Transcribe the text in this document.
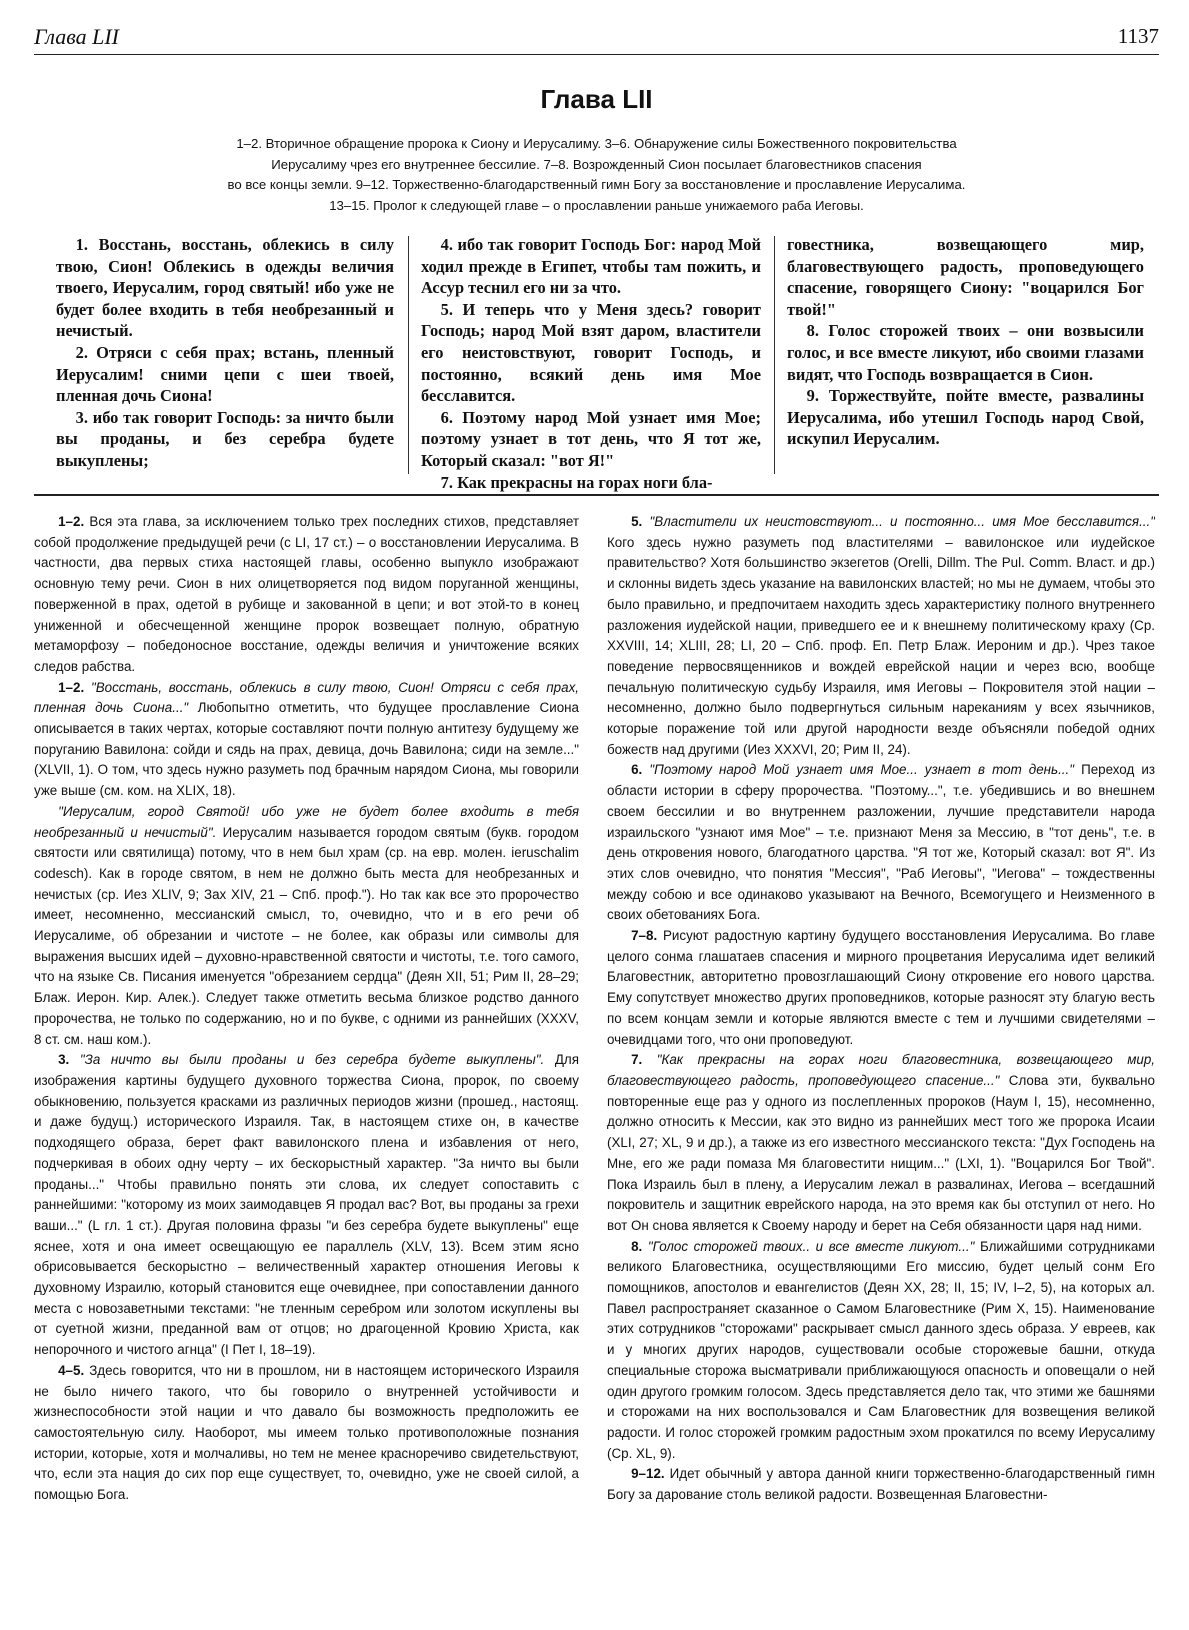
Глава LII	1137
Глава LII
1–2. Вторичное обращение пророка к Сиону и Иерусалиму. 3–6. Обнаружение силы Божественного покровительства
Иерусалиму чрез его внутреннее бессилие. 7–8. Возрожденный Сион посылает благовестников спасения
во все концы земли. 9–12. Торжественно-благодарственный гимн Богу за восстановление и прославление Иерусалима.
13–15. Пролог к следующей главе – о прославлении раньше унижаемого раба Иеговы.

1. Восстань, восстань, облекись в силу твою, Сион! Облекись в одежды величия твоего, Иерусалим, город святый! ибо уже не будет более входить в тебя необрезанный и нечистый.

2. Отряси с себя прах; встань, пленный Иерусалим! сними цепи с шеи твоей, пленная дочь Сиона!

3. ибо так говорит Господь: за ничто были вы проданы, и без серебра будете выкуплены;

4. ибо так говорит Господь Бог: народ Мой ходил прежде в Египет, чтобы там пожить, и Ассур теснил его ни за что.

5. И теперь что у Меня здесь? говорит Господь; народ Мой взят даром, властители его неистовствуют, говорит Господь, и постоянно, всякий день имя Мое бесславится.

6. Поэтому народ Мой узнает имя Мое; поэтому узнает в тот день, что Я тот же, Который сказал: "вот Я!"

7. Как прекрасны на горах ноги бла-

говестника, возвещающего мир, благовествующего радость, проповедующего спасение, говорящего Сиону: "воцарился Бог твой!"

8. Голос сторожей твоих – они возвысили голос, и все вместе ликуют, ибо своими глазами видят, что Господь возвращается в Сион.

9. Торжествуйте, пойте вместе, развалины Иерусалима, ибо утешил Господь народ Свой, искупил Иерусалим.

1–2. Вся эта глава, за исключением только трех последних стихов, представляет собой продолжение предыдущей речи (с LI, 17 ст.) – о восстановлении Иерусалима. В частности, два первых стиха настоящей главы, особенно выпукло изображают основную тему речи. Сион в них олицетворяется под видом поруганной женщины, поверженной в прах, одетой в рубище и закованной в цепи; и вот этой-то в конец униженной и обесчещенной женщине пророк возвещает полную, обратную метаморфозу – победоносное восстание, одежды величия и уничтожение всяких следов рабства.

1–2. "Восстань, восстань, облекись в силу твою, Сион! Отряси с себя прах, пленная дочь Сиона..." Любопытно отметить, что будущее прославление Сиона описывается в таких чертах, которые составляют почти полную антитезу будущему же поруганию Вавилона: сойди и сядь на прах, девица, дочь Вавилона; сиди на земле..." (XLVII, 1). О том, что здесь нужно разуметь под брачным нарядом Сиона, мы говорили уже выше (см. ком. на XLIX, 18).

"Иерусалим, город Святой! ибо уже не будет более входить в тебя необрезанный и нечистый". Иерусалим называется городом святым (букв. городом святости или святилища) потому, что в нем был храм (ср. на евр. молен. ieruschalim codesch). Как в городе святом, в нем не должно быть места для необрезанных и нечистых (ср. Иез XLIV, 9; Зах XIV, 21 – Спб. проф."). Но так как все это пророчество имеет, несомненно, мессианский смысл, то, очевидно, что и в его речи об Иерусалиме, об обрезании и чистоте – не более, как образы или символы для выражения высших идей – духовно-нравственной святости и чистоты, т.е. того самого, что на языке Св. Писания именуется "обрезанием сердца" (Деян XII, 51; Рим II, 28–29; Блаж. Иерон. Кир. Алек.). Следует также отметить весьма близкое родство данного пророчества, не только по содержанию, но и по букве, с одними из раннейших (XXXV, 8 ст. см. наш ком.).

3. "За ничто вы были проданы и без серебра будете выкуплены". Для изображения картины будущего духовного торжества Сиона, пророк, по своему обыкновению, пользуется красками из различных периодов жизни (прошед., настоящ. и даже будущ.) исторического Израиля. Так, в настоящем стихе он, в качестве подходящего образа, берет факт вавилонского плена и избавления от него, подчеркивая в обоих одну черту – их бескорыстный характер. "За ничто вы были проданы..." Чтобы правильно понять эти слова, их следует сопоставить с раннейшими: "которому из моих заимодавцев Я продал вас? Вот, вы проданы за грехи ваши..." (L гл. 1 ст.). Другая половина фразы "и без серебра будете выкуплены" еще яснее, хотя и она имеет освещающую ее параллель (XLV, 13). Всем этим ясно обрисовывается бескорыстно – величественный характер отношения Иеговы к духовному Израилю, который становится еще очевиднее, при сопоставлении данного места с новозаветными текстами: "не тленным серебром или золотом искуплены вы от суетной жизни, преданной вам от отцов; но драгоценной Кровию Христа, как непорочного и чистого агнца" (I Пет I, 18–19).

4–5. Здесь говорится, что ни в прошлом, ни в настоящем исторического Израиля не было ничего такого, что бы говорило о внутренней устойчивости и жизнеспособности этой нации и что давало бы возможность предположить ее самостоятельную силу. Наоборот, мы имеем только противоположные познания истории, которые, хотя и молчаливы, но тем не менее красноречиво свидетельствуют, что, если эта нация до сих пор еще существует, то, очевидно, уже не своей силой, а помощью Бога.

5. "Властители их неистовствуют... и постоянно... имя Мое бесславится..." Кого здесь нужно разуметь под властителями – вавилонское или иудейское правительство? Хотя большинство экзегетов (Orelli, Dillm. The Pul. Comm. Власт. и др.) и склонны видеть здесь указание на вавилонских властей; но мы не думаем, чтобы это было правильно, и предпочитаем находить здесь характеристику полного внутреннего разложения иудейской нации, приведшего ее и к внешнему политическому краху (Ср. XXVIII, 14; XLIII, 28; LI, 20 – Спб. проф. Еп. Петр Блаж. Иероним и др.). Чрез такое поведение первосвященников и вождей еврейской нации и через всю, вообще печальную политическую судьбу Израиля, имя Иеговы – Покровителя этой нации – несомненно, должно было подвергнуться сильным нареканиям у всех язычников, которые поражение той или другой народности везде объясняли победой одних божеств над другими (Иез XXXVI, 20; Рим II, 24).

6. "Поэтому народ Мой узнает имя Мое... узнает в тот день..." Переход из области истории в сферу пророчества. "Поэтому...", т.е. убедившись и во внешнем своем бессилии и во внутреннем разложении, лучшие представители народа израильского "узнают имя Мое" – т.е. признают Меня за Мессию, в "тот день", т.е. в день откровения нового, благодатного царства. "Я тот же, Который сказал: вот Я". Из этих слов очевидно, что понятия "Мессия", "Раб Иеговы", "Иегова" – тождественны между собою и все одинаково указывают на Вечного, Всемогущего и Неизменного в своих обетованиях Бога.

7–8. Рисуют радостную картину будущего восстановления Иерусалима. Во главе целого сонма глашатаев спасения и мирного процветания Иерусалима идет великий Благовестник, авторитетно провозглашающий Сиону откровение его нового царства. Ему сопутствует множество других проповедников, которые разносят эту благую весть по всем концам земли и которые являются вместе с тем и лучшими свидетелями – очевидцами того, что они проповедуют.

7. "Как прекрасны на горах ноги благовестника, возвещающего мир, благовествующего радость, проповедующего спасение..." Слова эти, буквально повторенные еще раз у одного из послепленных пророков (Наум I, 15), несомненно, должно относить к Мессии, как это видно из раннейших мест того же пророка Исаии (XLI, 27; XL, 9 и др.), а также из его известного мессианского текста: "Дух Господень на Мне, его же ради помаза Мя благовестити нищим..." (LXI, 1). "Воцарился Бог Твой". Пока Израиль был в плену, а Иерусалим лежал в развалинах, Иегова – всегдашний покровитель и защитник еврейского народа, на это время как бы отступил от него. Но вот Он снова является к Своему народу и берет на Себя обязанности царя над ними.

8. "Голос сторожей твоих.. и все вместе ликуют..." Ближайшими сотрудниками великого Благовестника, осуществляющими Его миссию, будет целый сонм Его помощников, апостолов и евангелистов (Деян XX, 28; II, 15; IV, I–2, 5), на которых ал. Павел распространяет сказанное о Самом Благовестнике (Рим X, 15). Наименование этих сотрудников "сторожами" раскрывает смысл данного здесь образа. У евреев, как и у многих других народов, существовали особые сторожевые башни, откуда специальные сторожа высматривали приближающуюся опасность и оповещали о ней один другого громким голосом. Здесь представляется дело так, что этими же башнями и сторожами на них воспользовался и Сам Благовестник для возвещения великой радости. И голос сторожей громким радостным эхом прокатился по всему Иерусалиму (Ср. XL, 9).

9–12. Идет обычный у автора данной книги торжественно-благодарственный гимн Богу за дарование столь великой радости. Возвещенная Благовестни-
